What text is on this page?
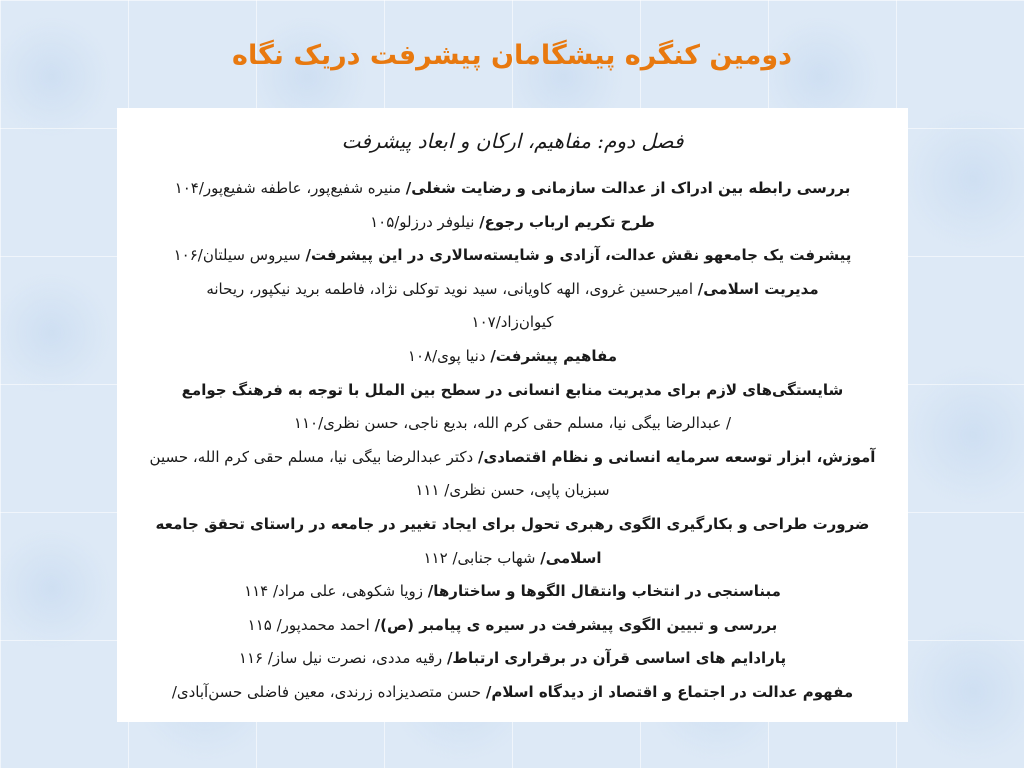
دومین کنگره پیشگامان پیشرفت دریک نگاه
فصل دوم: مفاهیم، ارکان و ابعاد پیشرفت

بررسی رابطه بین ادراک از عدالت سازمانی و رضایت شغلی/ منیره شفیع‌پور، عاطفه شفیع‌پور/۱۰۴

طرح تکریم ارباب رجوع/ نیلوفر درزلو/۱۰۵

پیشرفت یک جامعهو نقش عدالت، آزادی و شایسته‌سالاری در این پیشرفت/ سیروس سیلتان/۱۰۶

مدیریت اسلامی/ امیرحسین غروی، الهه کاویانی، سید نوید توکلی نژاد، فاطمه برید نیکپور، ریحانه

کیوان‌زاد/۱۰۷

مفاهیم پیشرفت/ دنیا پوی/۱۰۸

شایستگی‌های لازم برای مدیریت منابع انسانی در سطح بین الملل با توجه به فرهنگ جوامع

/ عبدالرضا بیگی نیا، مسلم حقی کرم الله، بدیع ناجی، حسن نظری/۱۱۰

آموزش، ابزار توسعه سرمایه انسانی و نظام اقتصادی/ دکتر عبدالرضا بیگی نیا، مسلم حقی کرم الله، حسین

سبزیان پاپی، حسن نظری/ ۱۱۱

ضرورت طراحی و بکارگیری الگوی رهبری تحول برای ایجاد تغییر در جامعه در راستای تحقق جامعه

اسلامی/ شهاب جنابی/ ۱۱۲

مبناسنجی در انتخاب وانتقال الگوها و ساختارها/ زویا شکوهی، علی مراد/ ۱۱۴

بررسی و تبیین الگوی پیشرفت در سیره ی پیامبر (ص)/ احمد محمدپور/ ۱۱۵

پارادایم های اساسی قرآن در برقراری ارتباط/ رقیه مددی، نصرت نیل ساز/ ۱۱۶

مفهوم عدالت در اجتماع و اقتصاد از دیدگاه اسلام/ حسن متصدیزاده زرندی، معین فاضلی حسن‌آبادی/
